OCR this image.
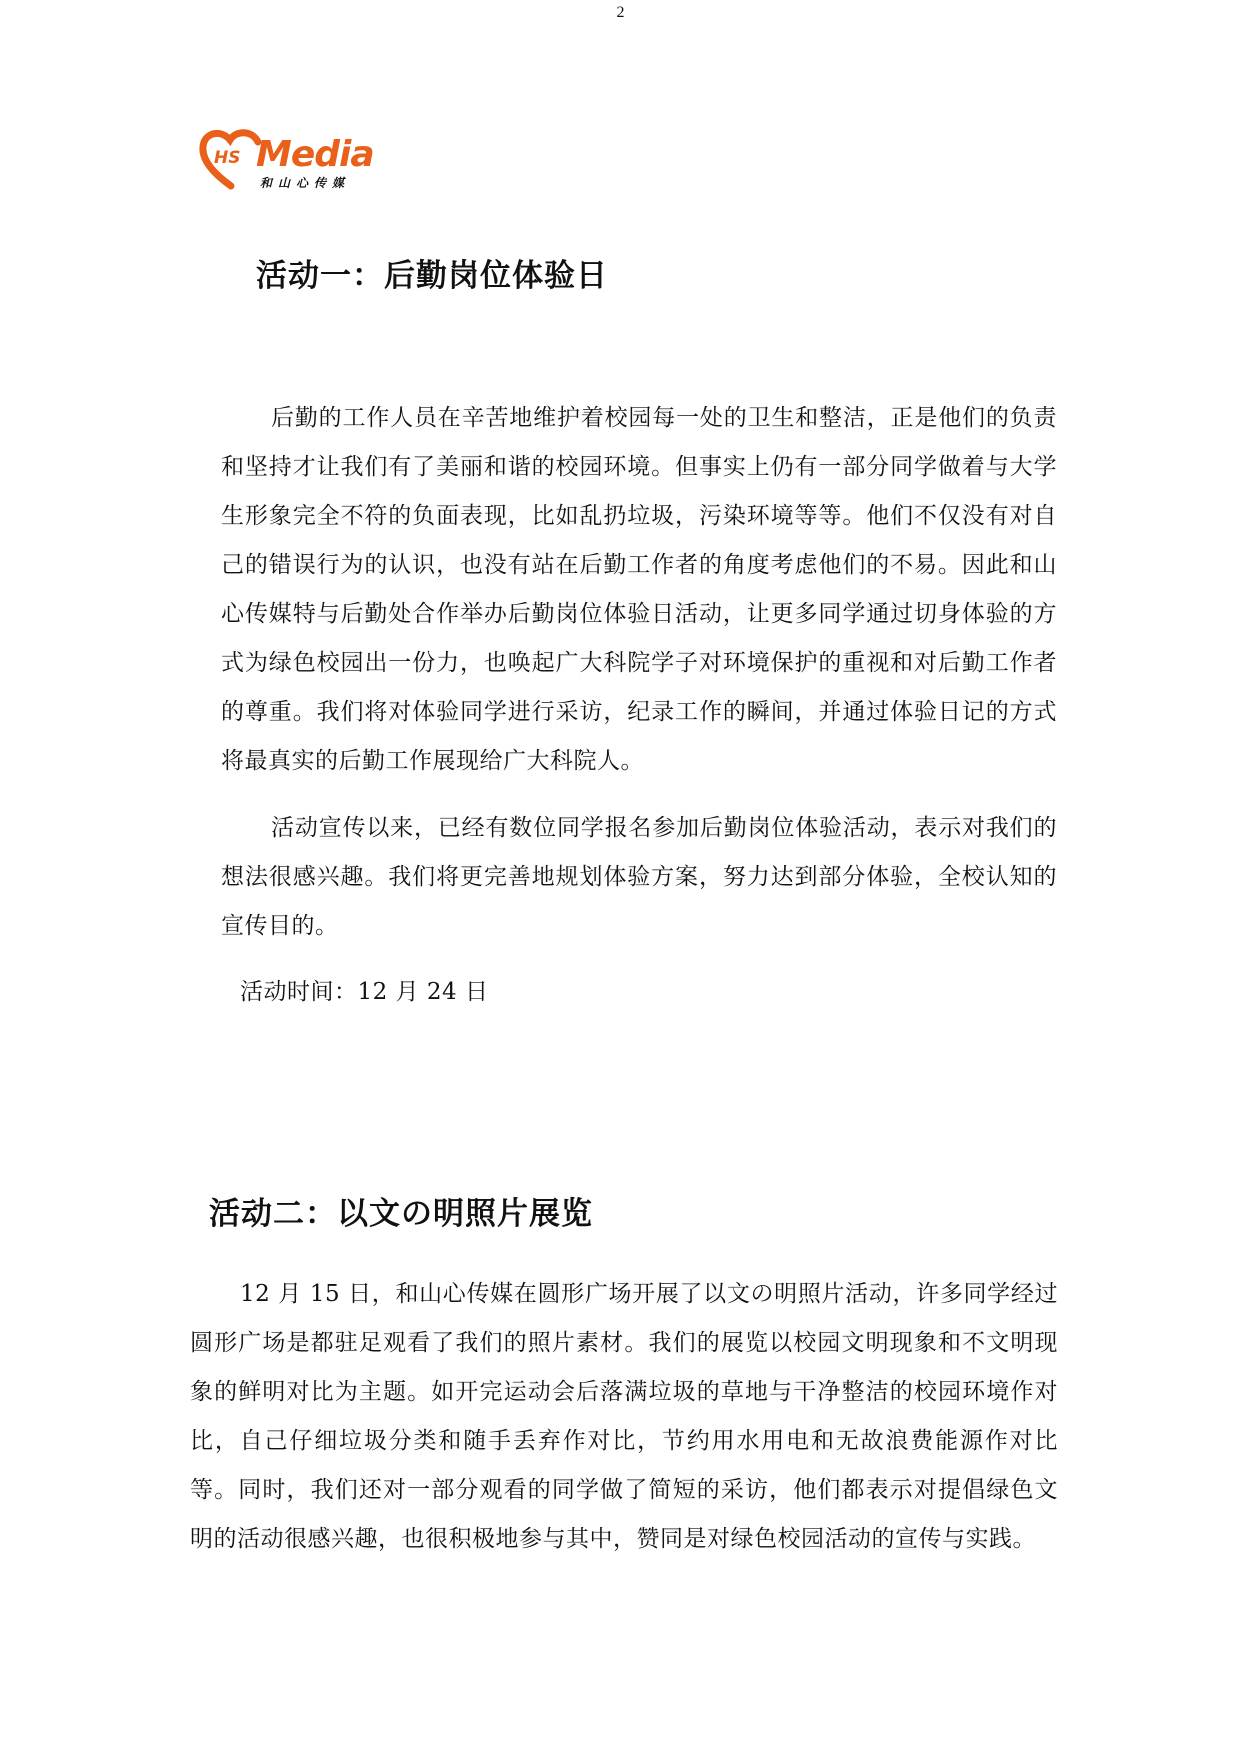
2
HS Media
和山心传媒
活动一：后勤岗位体验日

后勤的工作人员在辛苦地维护着校园每一处的卫生和整洁，正是他们的负责和坚持才让我们有了美丽和谐的校园环境。但事实上仍有一部分同学做着与大学生形象完全不符的负面表现，比如乱扔垃圾，污染环境等等。他们不仅没有对自己的错误行为的认识，也没有站在后勤工作者的角度考虑他们的不易。因此和山心传媒特与后勤处合作举办后勤岗位体验日活动，让更多同学通过切身体验的方式为绿色校园出一份力，也唤起广大科院学子对环境保护的重视和对后勤工作者的尊重。我们将对体验同学进行采访，纪录工作的瞬间，并通过体验日记的方式将最真实的后勤工作展现给广大科院人。

活动宣传以来，已经有数位同学报名参加后勤岗位体验活动，表示对我们的想法很感兴趣。我们将更完善地规划体验方案，努力达到部分体验，全校认知的宣传目的。

活动时间：12 月 24 日

活动二：以文の明照片展览

12 月 15 日，和山心传媒在圆形广场开展了以文の明照片活动，许多同学经过圆形广场是都驻足观看了我们的照片素材。我们的展览以校园文明现象和不文明现象的鲜明对比为主题。如开完运动会后落满垃圾的草地与干净整洁的校园环境作对比，自己仔细垃圾分类和随手丢弃作对比，节约用水用电和无故浪费能源作对比等。同时，我们还对一部分观看的同学做了简短的采访，他们都表示对提倡绿色文明的活动很感兴趣，也很积极地参与其中，赞同是对绿色校园活动的宣传与实践。
